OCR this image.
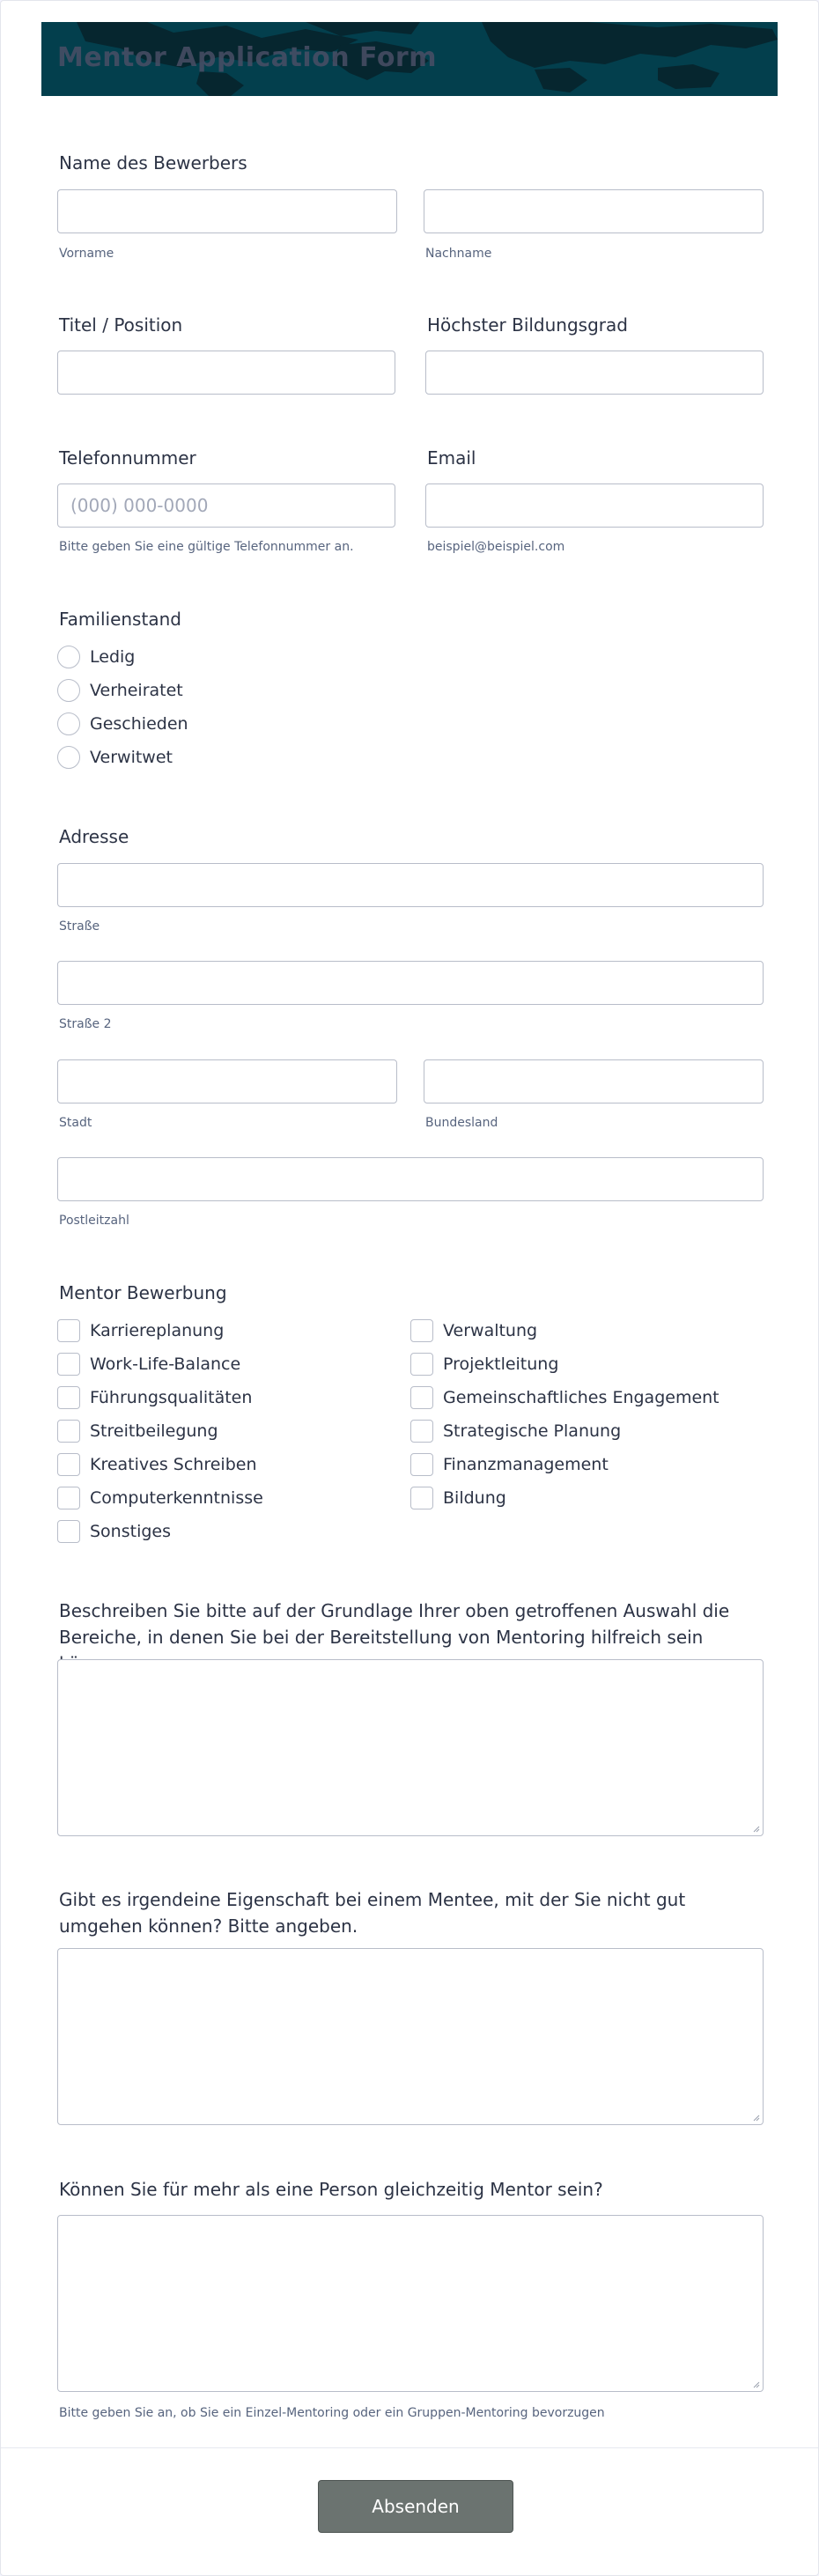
Mentor Application Form
Name des Bewerbers
Vorname	Nachname
Titel / Position	Höchster Bildungsgrad
Telefonnummer	Email
(000) 000-0000
Bitte geben Sie eine gültige Telefonnummer an.	beispiel@beispiel.com
Familienstand
Ledig
Verheiratet
Geschieden
Verwitwet
Adresse
Straße
Straße 2
Stadt	Bundesland
Postleitzahl
Mentor Bewerbung
Karriereplanung
Work-Life-Balance
Führungsqualitäten
Streitbeilegung
Kreatives Schreiben
Computerkenntnisse
Sonstiges
Verwaltung
Projektleitung
Gemeinschaftliches Engagement
Strategische Planung
Finanzmanagement
Bildung
Beschreiben Sie bitte auf der Grundlage Ihrer oben getroffenen Auswahl die Bereiche, in denen Sie bei der Bereitstellung von Mentoring hilfreich sein
Gibt es irgendeine Eigenschaft bei einem Mentee, mit der Sie nicht gut umgehen können? Bitte angeben.
Können Sie für mehr als eine Person gleichzeitig Mentor sein?
Bitte geben Sie an, ob Sie ein Einzel-Mentoring oder ein Gruppen-Mentoring bevorzugen
Absenden
